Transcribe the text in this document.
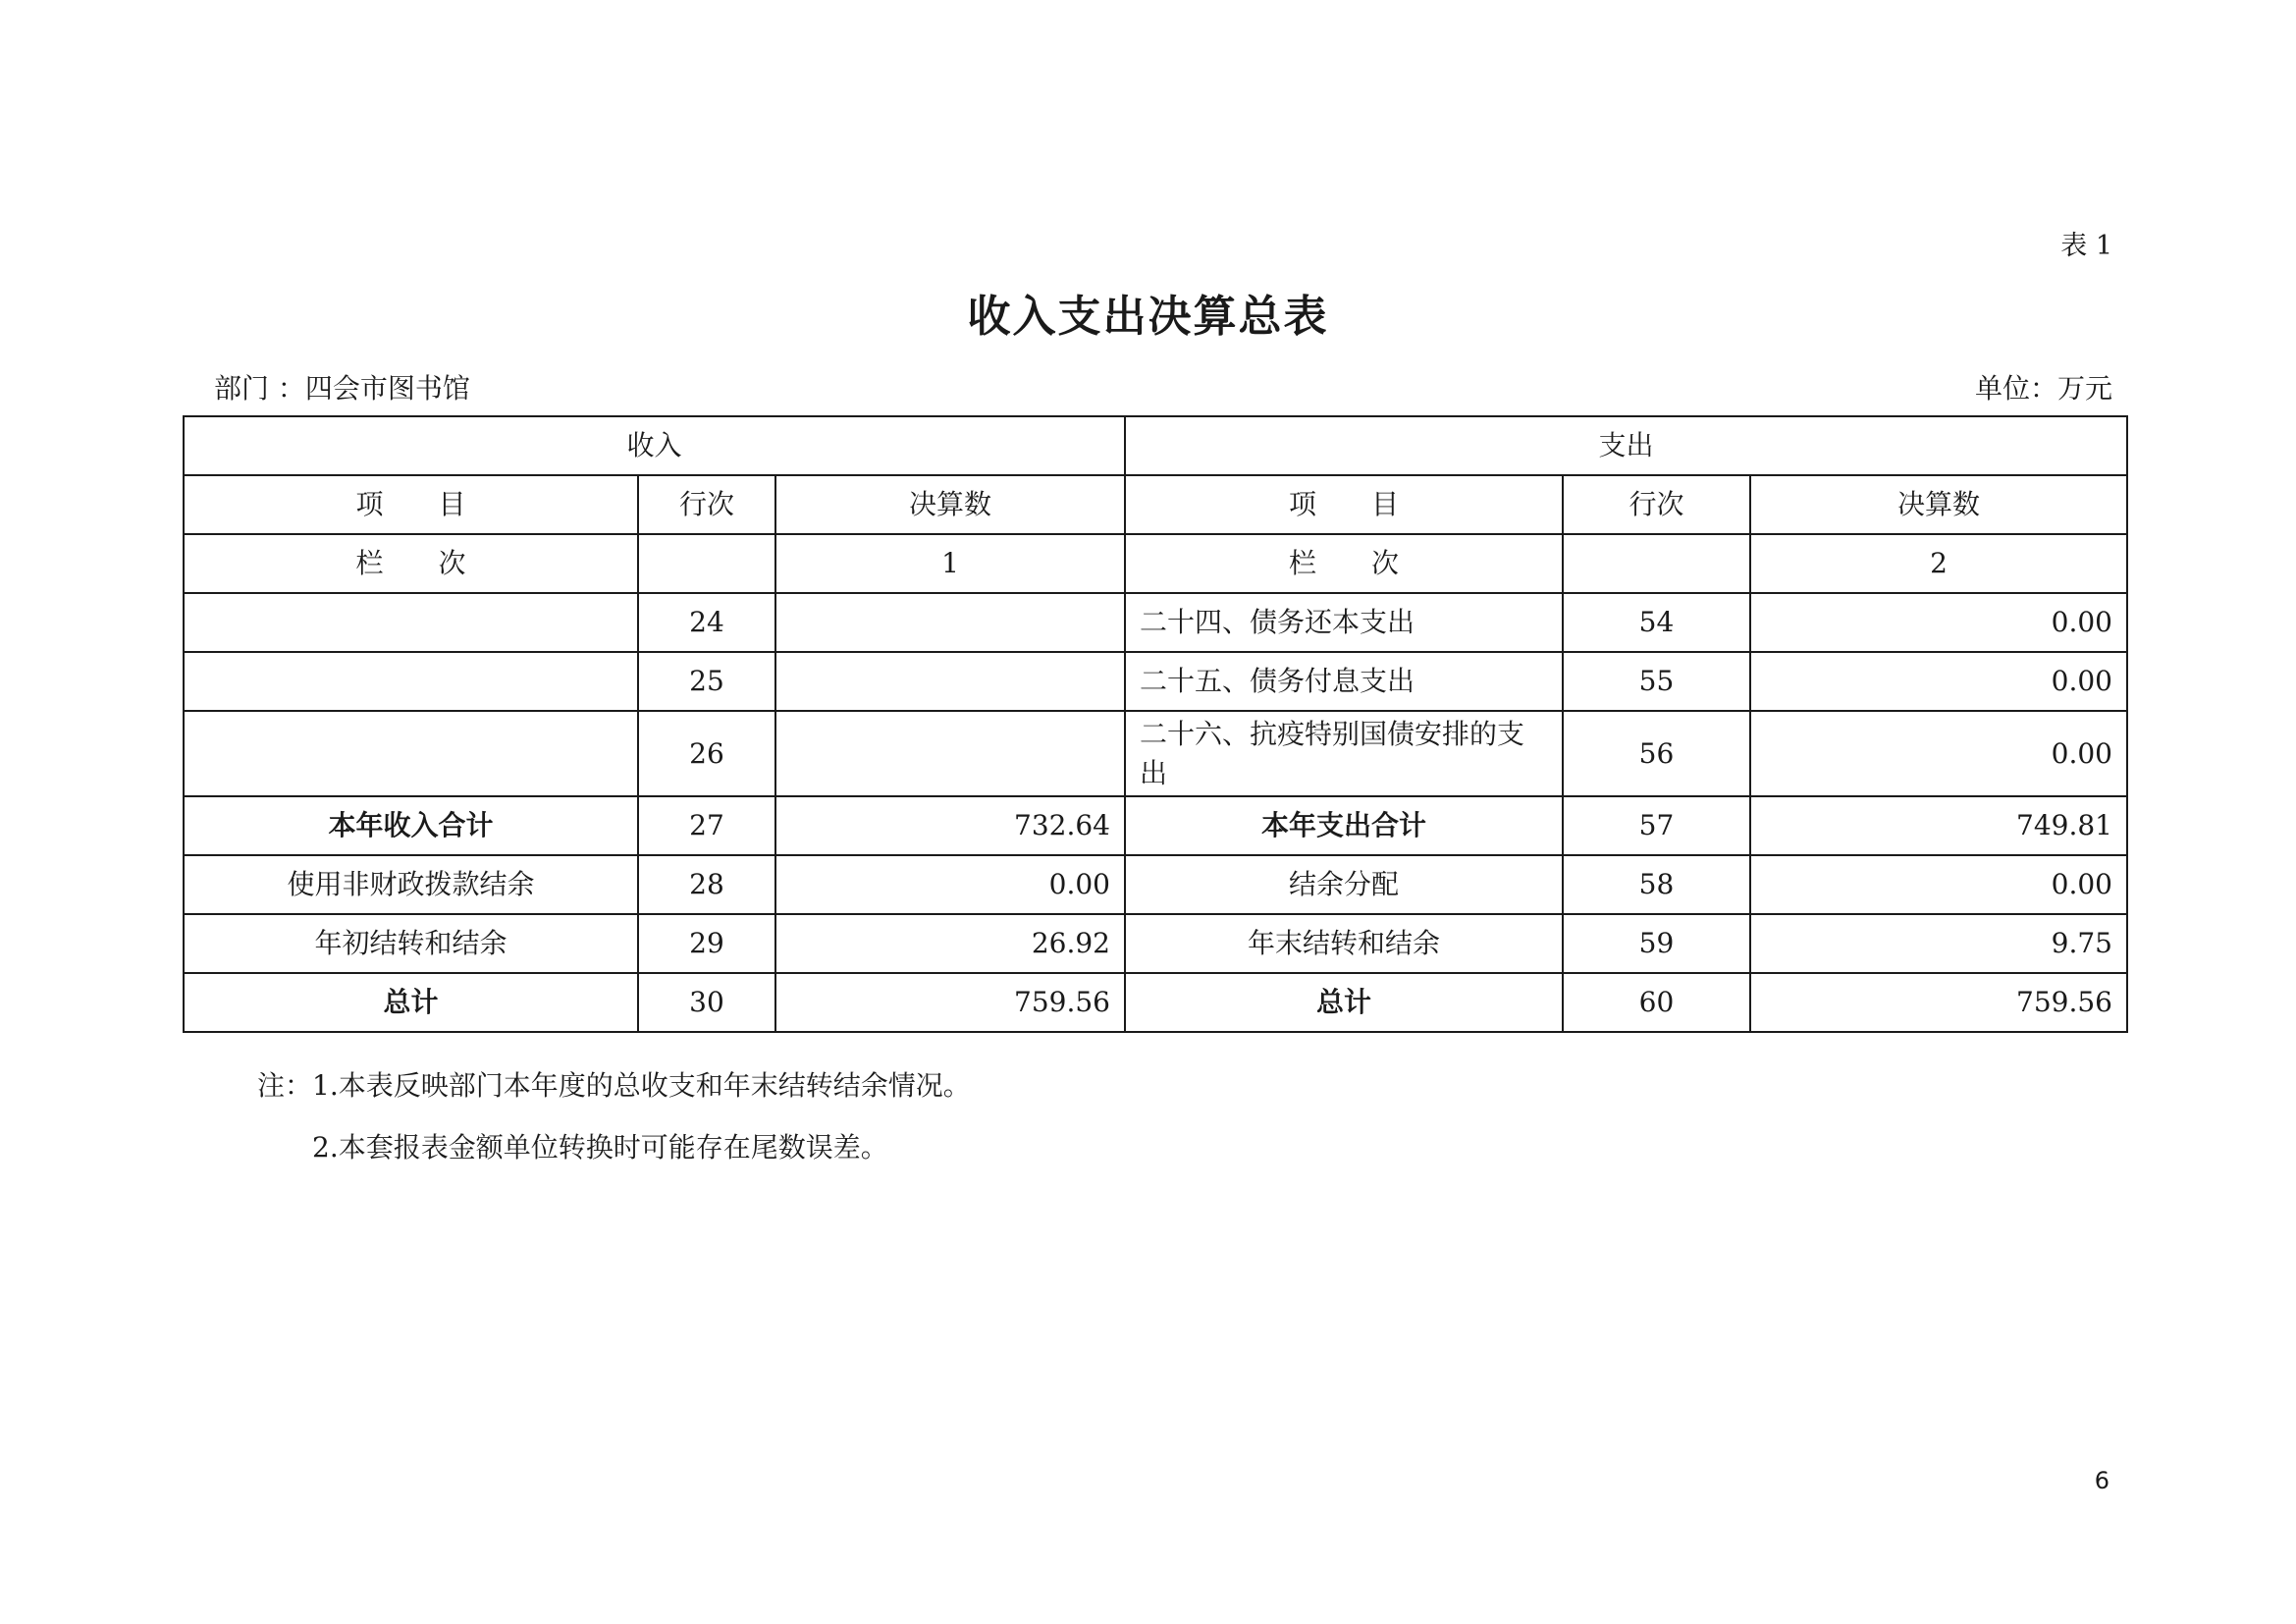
表 1
收入支出决算总表
部门 ：四会市图书馆	单位：万元
收入			支出		
项　　目	行次	决算数	项　　目	行次	决算数
栏　　次		1	栏　　次		2
	24		二十四、债务还本支出	54	0.00
	25		二十五、债务付息支出	55	0.00
	26		二十六、抗疫特别国债安排的支出	56	0.00
本年收入合计	27	732.64	本年支出合计	57	749.81
使用非财政拨款结余	28	0.00	结余分配	58	0.00
年初结转和结余	29	26.92	年末结转和结余	59	9.75
总计	30	759.56	总计	60	759.56
注：1.本表反映部门本年度的总收支和年末结转结余情况。
2.本套报表金额单位转换时可能存在尾数误差。
6
